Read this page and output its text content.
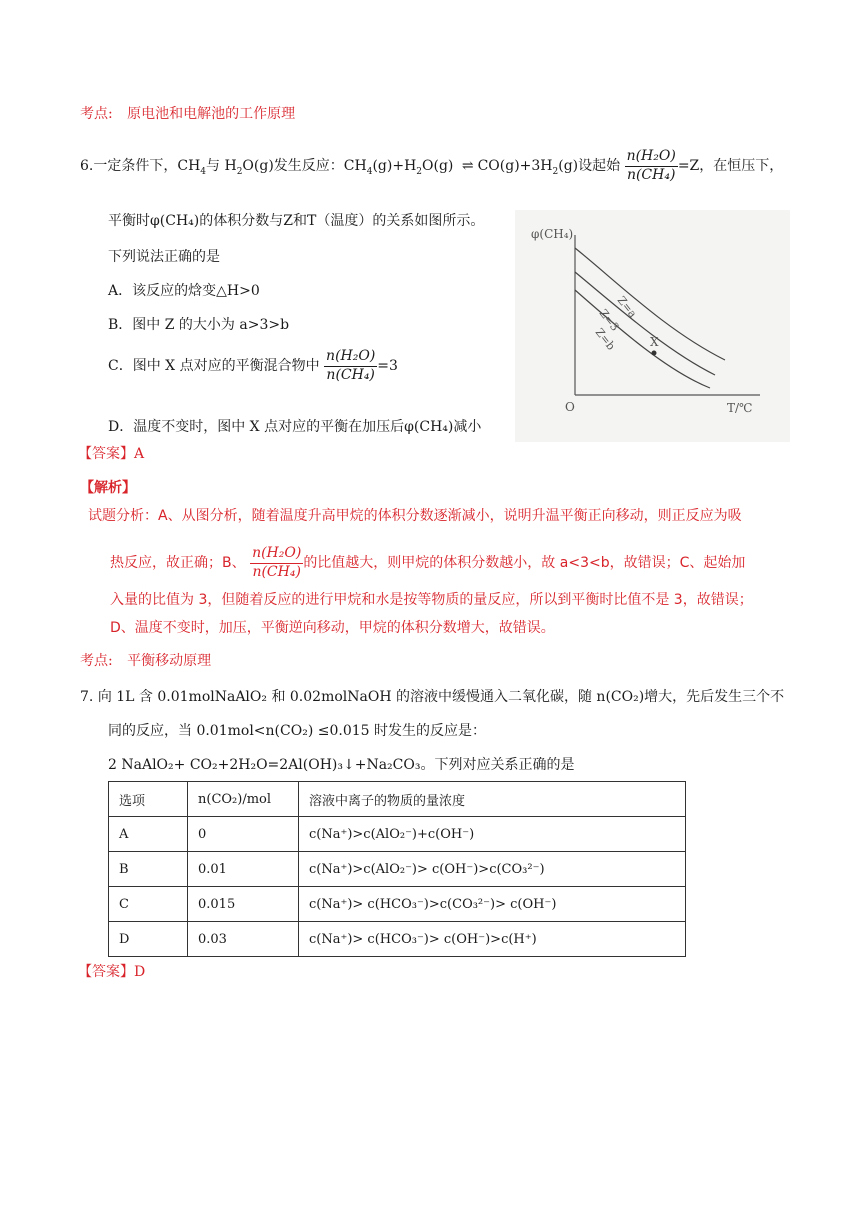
考点: 原电池和电解池的工作原理
6.一定条件下，$CH_4$与 $H_2O(g)$发生反应：$CH_4(g)+H_2O(g)$ ⇌ $CO(g)+3H_2(g)$设起始 $\frac{\text{n(H₂O)}}{\text{n(CH₄)}} =Z$，在恒压下，
平衡时φ(CH₄)的体积分数与Z和T（温度）的关系如图所示。
下列说法正确的是
A．该反应的焓变△H>0
B．图中 Z 的大小为 a>3>b
C．图中 X 点对应的平衡混合物中 $\frac{\text{n(H₂O)}}{\text{n(CH₄)}} =3$
D．温度不变时，图中 X 点对应的平衡在加压后φ(CH₄)减小
φ(CH₄)
T/℃
O
Z=a
Z=3
Z=b	X
【答案】A
【解析】
试题分析：A、从图分析，随着温度升高甲烷的体积分数逐渐减小，说明升温平衡正向移动，则正反应为吸
热反应，故正确；B、 $\frac{\text{n(H₂O)}}{\text{n(CH₄)}}$ 的比值越大，则甲烷的体积分数越小，故 a<3<b，故错误；C、起始加
入量的比值为 3，但随着反应的进行甲烷和水是按等物质的量反应，所以到平衡时比值不是 3，故错误；
D、温度不变时，加压，平衡逆向移动，甲烷的体积分数增大，故错误。
考点: 平衡移动原理
7. 向 1L 含 0.01molNaAlO₂ 和 0.02molNaOH 的溶液中缓慢通入二氧化碳，随 n(CO₂)增大，先后发生三个不
同的反应，当 0.01mol<n(CO₂) ≤0.015 时发生的反应是：
2 NaAlO₂+ CO₂+2H₂O=2Al(OH)₃↓+Na₂CO₃。下列对应关系正确的是
选项	n(CO₂)/mol	溶液中离子的物质的量浓度
A	0	c(Na⁺)>c(AlO₂⁻)+c(OH⁻)
B	0.01	c(Na⁺)>c(AlO₂⁻)> c(OH⁻)>c(CO₃²⁻)
C	0.015	c(Na⁺)> c(HCO₃⁻)>c(CO₃²⁻)> c(OH⁻)
D	0.03	c(Na⁺)> c(HCO₃⁻)> c(OH⁻)>c(H⁺)
【答案】D
